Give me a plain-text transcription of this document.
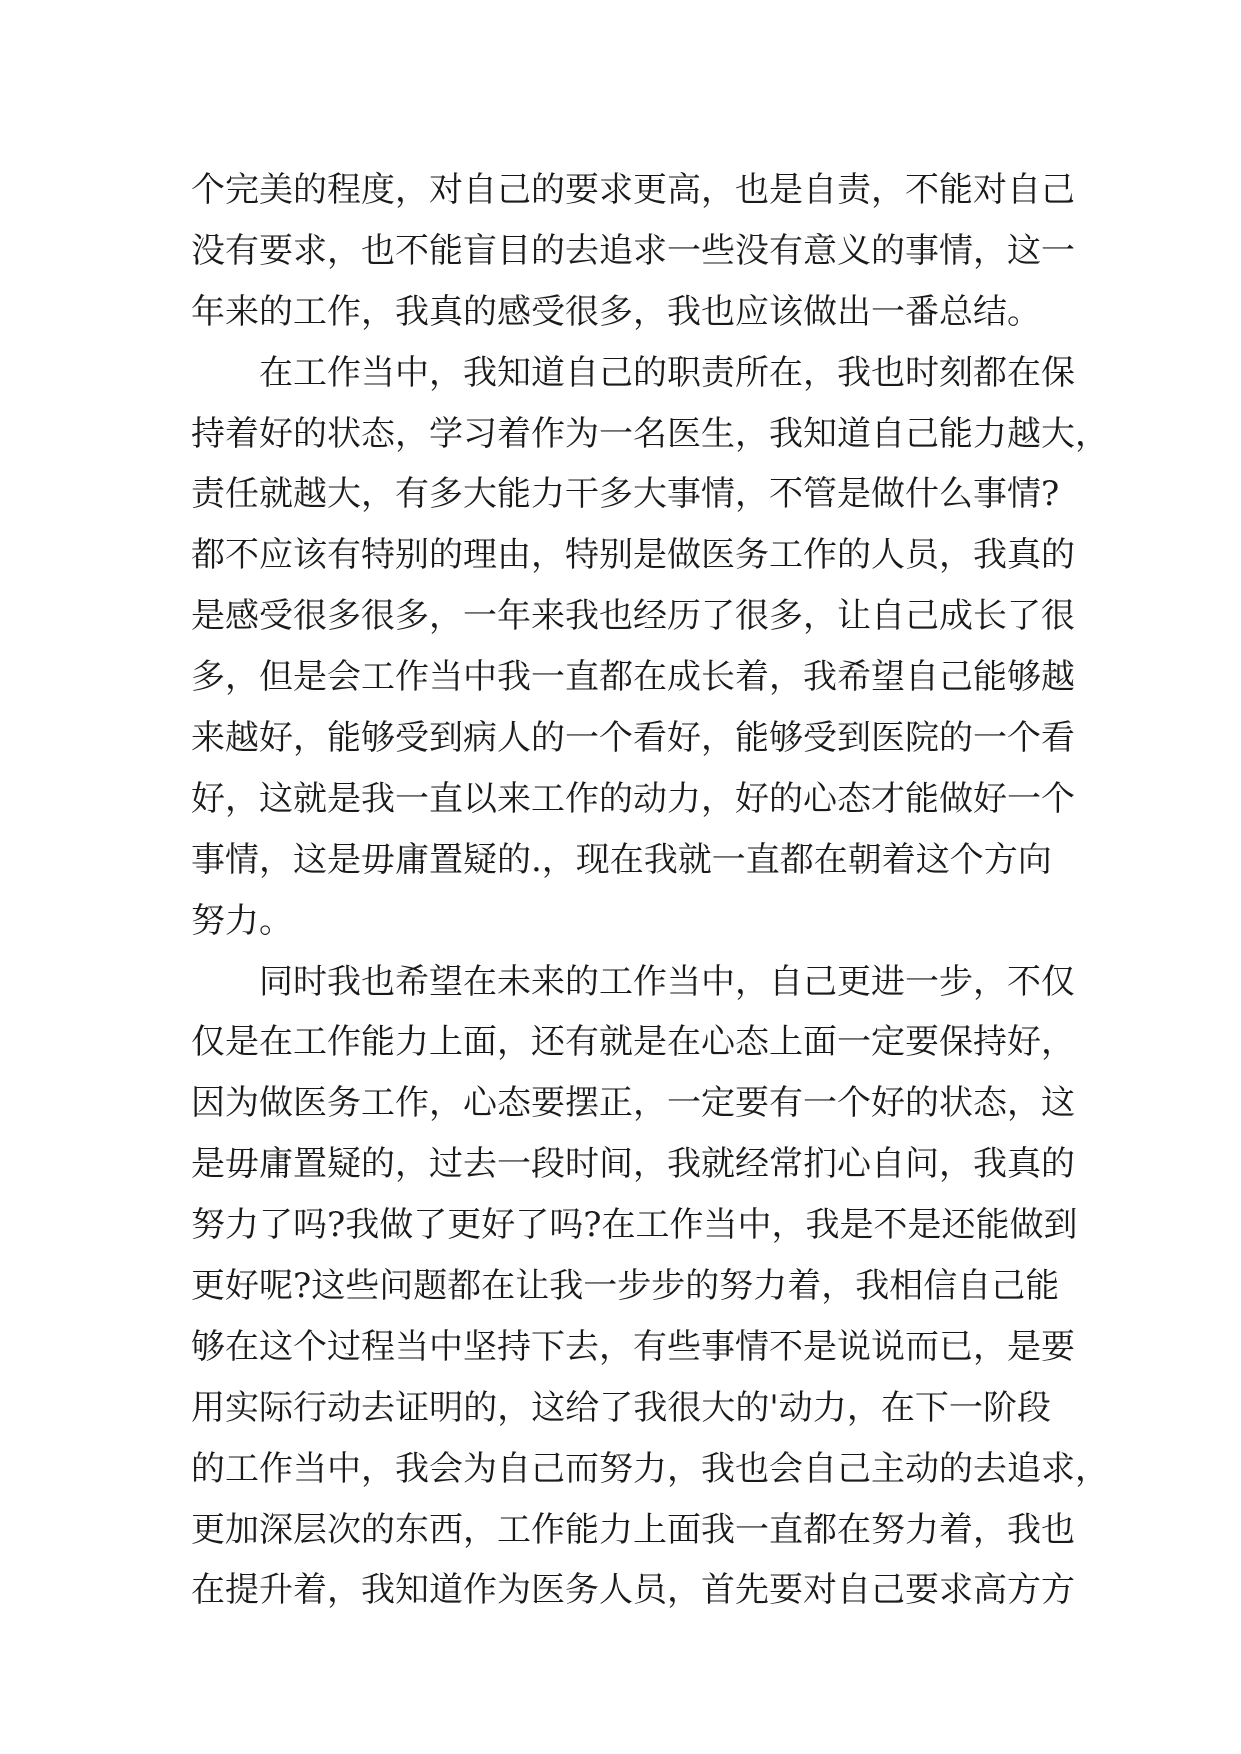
个完美的程度，对自己的要求更高，也是自责，不能对自己
没有要求，也不能盲目的去追求一些没有意义的事情，这一
年来的工作，我真的感受很多，我也应该做出一番总结。
在工作当中，我知道自己的职责所在，我也时刻都在保
持着好的状态，学习着作为一名医生，我知道自己能力越大，
责任就越大，有多大能力干多大事情，不管是做什么事情?
都不应该有特别的理由，特别是做医务工作的人员，我真的
是感受很多很多，一年来我也经历了很多，让自己成长了很
多，但是会工作当中我一直都在成长着，我希望自己能够越
来越好，能够受到病人的一个看好，能够受到医院的一个看
好，这就是我一直以来工作的动力，好的心态才能做好一个
事情，这是毋庸置疑的.，现在我就一直都在朝着这个方向
努力。
同时我也希望在未来的工作当中，自己更进一步，不仅
仅是在工作能力上面，还有就是在心态上面一定要保持好，
因为做医务工作，心态要摆正，一定要有一个好的状态，这
是毋庸置疑的，过去一段时间，我就经常扪心自问，我真的
努力了吗?我做了更好了吗?在工作当中，我是不是还能做到
更好呢?这些问题都在让我一步步的努力着，我相信自己能
够在这个过程当中坚持下去，有些事情不是说说而已，是要
用实际行动去证明的，这给了我很大的'动力，在下一阶段
的工作当中，我会为自己而努力，我也会自己主动的去追求，
更加深层次的东西，工作能力上面我一直都在努力着，我也
在提升着，我知道作为医务人员，首先要对自己要求高方方
